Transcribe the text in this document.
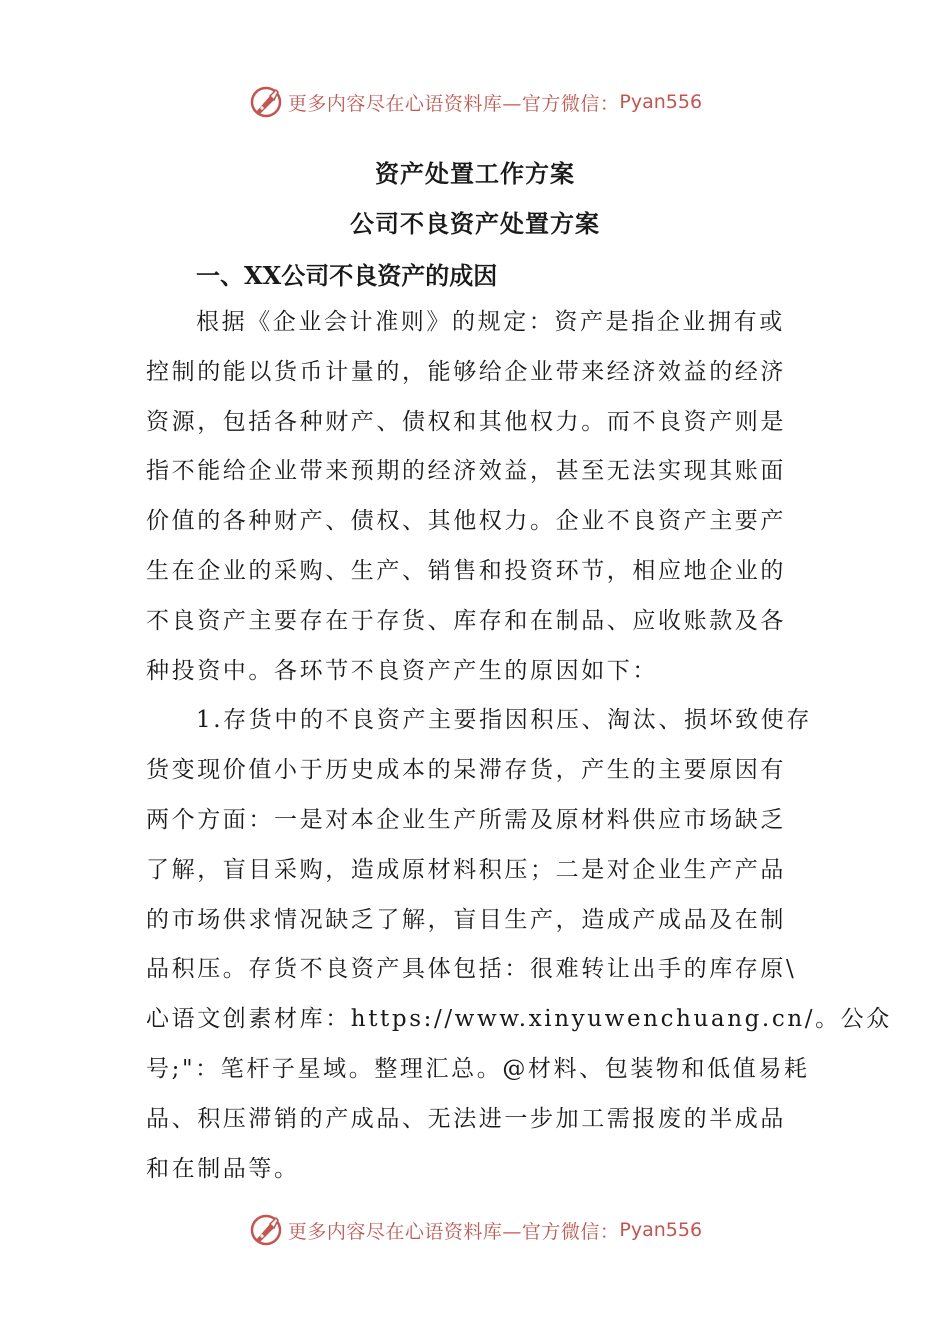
更多内容尽在心语资料库—官方微信： Pyan556
资产处置工作方案
公司不良资产处置方案
一、XX公司不良资产的成因
根据《企业会计准则》的规定：资产是指企业拥有或
控制的能以货币计量的，能够给企业带来经济效益的经济
资源，包括各种财产、债权和其他权力。而不良资产则是
指不能给企业带来预期的经济效益，甚至无法实现其账面
价值的各种财产、债权、其他权力。企业不良资产主要产
生在企业的采购、生产、销售和投资环节，相应地企业的
不良资产主要存在于存货、库存和在制品、应收账款及各
种投资中。各环节不良资产产生的原因如下：
1.存货中的不良资产主要指因积压、淘汰、损坏致使存
货变现价值小于历史成本的呆滞存货，产生的主要原因有
两个方面：一是对本企业生产所需及原材料供应市场缺乏
了解，盲目采购，造成原材料积压；二是对企业生产产品
的市场供求情况缺乏了解，盲目生产，造成产成品及在制
品积压。存货不良资产具体包括：很难转让出手的库存原\
心语文创素材库：https://www.xinyuwenchuang.cn/。公众
号;"：笔杆子星域。整理汇总。@材料、包装物和低值易耗
品、积压滞销的产成品、无法进一步加工需报废的半成品
和在制品等。
更多内容尽在心语资料库—官方微信： Pyan556
